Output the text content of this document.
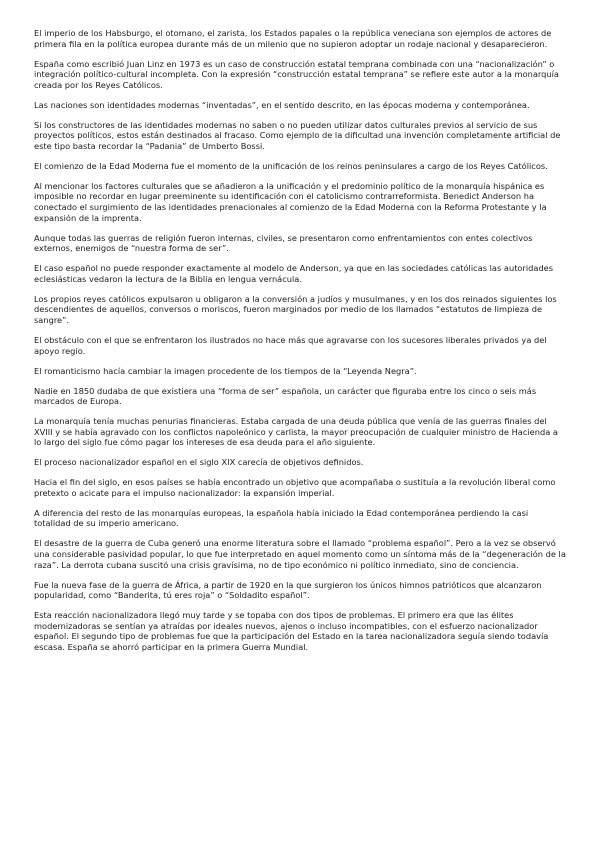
El imperio de los Habsburgo, el otomano, el zarista, los Estados papales o la república veneciana son ejemplos de actores de primera fila en la política europea durante más de un milenio que no supieron adoptar un rodaje nacional y desaparecieron.

España como escribió Juan Linz en 1973 es un caso de construcción estatal temprana combinada con una “nacionalización” o integración político-cultural incompleta. Con la expresión “construcción estatal temprana” se refiere este autor a la monarquía creada por los Reyes Católicos.

Las naciones son identidades modernas “inventadas”, en el sentido descrito, en las épocas moderna y contemporánea.

Si los constructores de las identidades modernas no saben o no pueden utilizar datos culturales previos al servicio de sus proyectos políticos, estos están destinados al fracaso. Como ejemplo de la dificultad una invención completamente artificial de este tipo basta recordar la “Padania” de Umberto Bossi.

El comienzo de la Edad Moderna fue el momento de la unificación de los reinos peninsulares a cargo de los Reyes Católicos.

Al mencionar los factores culturales que se añadieron a la unificación y el predominio político de la monarquía hispánica es imposible no recordar en lugar preeminente su identificación con el catolicismo contrarreformista. Benedict Anderson ha conectado el surgimiento de las identidades prenacionales al comienzo de la Edad Moderna con la Reforma Protestante y la expansión de la imprenta.

Aunque todas las guerras de religión fueron internas, civiles, se presentaron como enfrentamientos con entes colectivos externos, enemigos de “nuestra forma de ser”.

El caso español no puede responder exactamente al modelo de Anderson, ya que en las sociedades católicas las autoridades eclesiásticas vedaron la lectura de la Biblia en lengua vernácula.

Los propios reyes católicos expulsaron u obligaron a la conversión a judíos y musulmanes, y en los dos reinados siguientes los descendientes de aquellos, conversos o moriscos, fueron marginados por medio de los llamados “estatutos de limpieza de sangre”.

El obstáculo con el que se enfrentaron los ilustrados no hace más que agravarse con los sucesores liberales privados ya del apoyo regio.

El romanticismo hacía cambiar la imagen procedente de los tiempos de la “Leyenda Negra”.

Nadie en 1850 dudaba de que existiera una “forma de ser” española, un carácter que figuraba entre los cinco o seis más marcados de Europa.

La monarquía tenía muchas penurias financieras. Estaba cargada de una deuda pública que venía de las guerras finales del XVIII y se había agravado con los conflictos napoleónico y carlista, la mayor preocupación de cualquier ministro de Hacienda a lo largo del siglo fue cómo pagar los intereses de esa deuda para el año siguiente.

El proceso nacionalizador español en el siglo XIX carecía de objetivos definidos.

Hacia el fin del siglo, en esos países se había encontrado un objetivo que acompañaba o sustituía a la revolución liberal como pretexto o acicate para el impulso nacionalizador: la expansión imperial.

A diferencia del resto de las monarquías europeas, la española había iniciado la Edad contemporánea perdiendo la casi totalidad de su imperio americano.

El desastre de la guerra de Cuba generó una enorme literatura sobre el llamado “problema español”. Pero a la vez se observó una considerable pasividad popular, lo que fue interpretado en aquel momento como un síntoma más de la “degeneración de la raza”. La derrota cubana suscitó una crisis gravísima, no de tipo económico ni político inmediato, sino de conciencia.

Fue la nueva fase de la guerra de África, a partir de 1920 en la que surgieron los únicos himnos patrióticos que alcanzaron popularidad, como “Banderita, tú eres roja” o “Soldadito español”.

Esta reacción nacionalizadora llegó muy tarde y se topaba con dos tipos de problemas. El primero era que las élites modernizadoras se sentían ya atraídas por ideales nuevos, ajenos o incluso incompatibles, con el esfuerzo nacionalizador español. El segundo tipo de problemas fue que la participación del Estado en la tarea nacionalizadora seguía siendo todavía escasa. España se ahorró participar en la primera Guerra Mundial.
